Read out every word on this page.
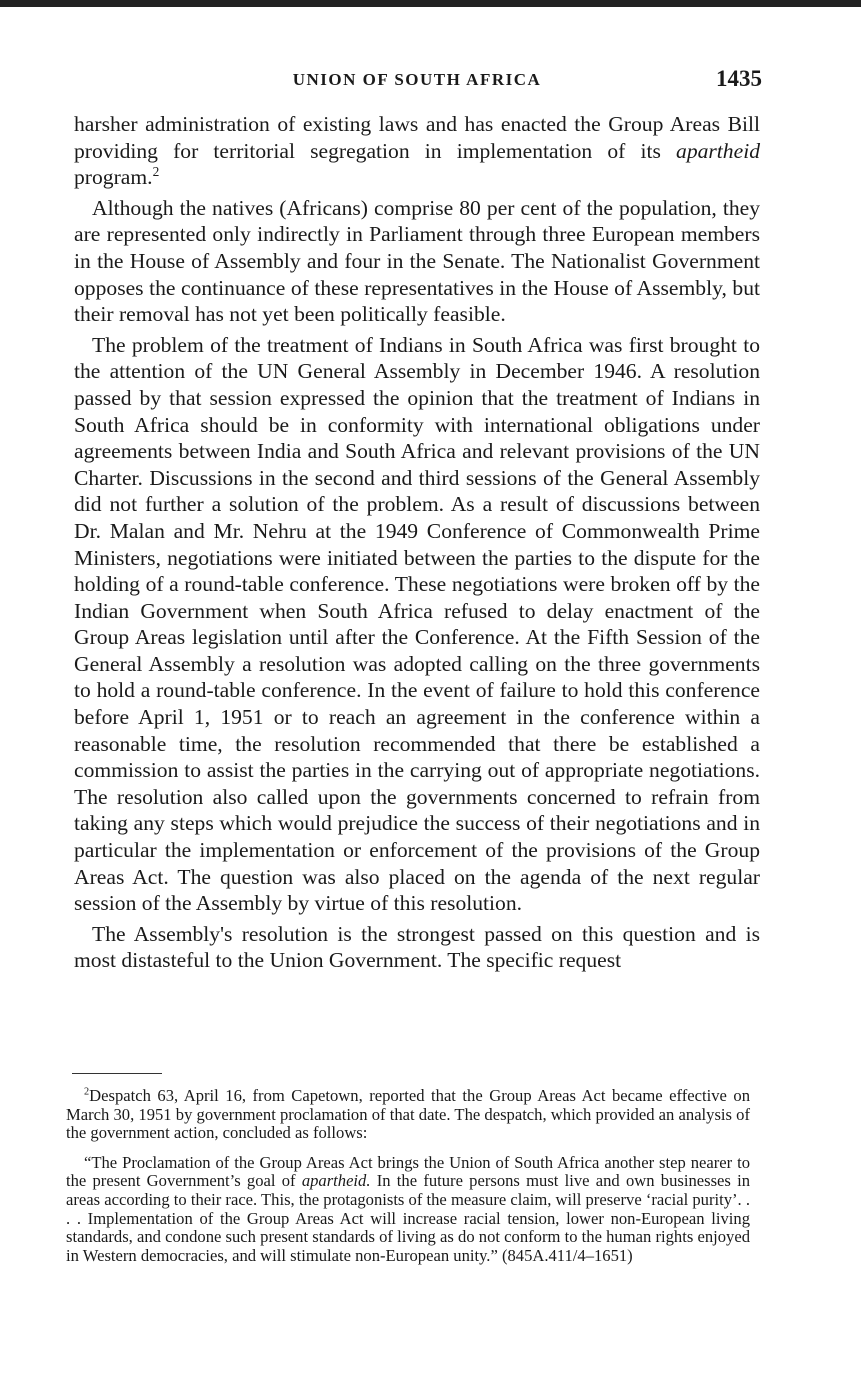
UNION OF SOUTH AFRICA	1435

harsher administration of existing laws and has enacted the Group Areas Bill providing for territorial segregation in implementation of its apartheid program.$^2$

Although the natives (Africans) comprise 80 per cent of the population, they are represented only indirectly in Parliament through three European members in the House of Assembly and four in the Senate. The Nationalist Government opposes the continuance of these representatives in the House of Assembly, but their removal has not yet been politically feasible.

The problem of the treatment of Indians in South Africa was first brought to the attention of the UN General Assembly in December 1946. A resolution passed by that session expressed the opinion that the treatment of Indians in South Africa should be in conformity with international obligations under agreements between India and South Africa and relevant provisions of the UN Charter. Discussions in the second and third sessions of the General Assembly did not further a solution of the problem. As a result of discussions between Dr. Malan and Mr. Nehru at the 1949 Conference of Commonwealth Prime Ministers, negotiations were initiated between the parties to the dispute for the holding of a round-table conference. These negotiations were broken off by the Indian Government when South Africa refused to delay enactment of the Group Areas legislation until after the Conference. At the Fifth Session of the General Assembly a resolution was adopted calling on the three governments to hold a round-table conference. In the event of failure to hold this conference before April 1, 1951 or to reach an agreement in the conference within a reasonable time, the resolution recommended that there be established a commission to assist the parties in the carrying out of appropriate negotiations. The resolution also called upon the governments concerned to refrain from taking any steps which would prejudice the success of their negotiations and in particular the implementation or enforcement of the provisions of the Group Areas Act. The question was also placed on the agenda of the next regular session of the Assembly by virtue of this resolution.

The Assembly's resolution is the strongest passed on this question and is most distasteful to the Union Government. The specific request

$^2$Despatch 63, April 16, from Capetown, reported that the Group Areas Act became effective on March 30, 1951 by government proclamation of that date. The despatch, which provided an analysis of the government action, concluded as follows:

“The Proclamation of the Group Areas Act brings the Union of South Africa another step nearer to the present Government’s goal of apartheid. In the future persons must live and own businesses in areas according to their race. This, the protagonists of the measure claim, will preserve ‘racial purity’. . . . Implementation of the Group Areas Act will increase racial tension, lower non-European living standards, and condone such present standards of living as do not conform to the human rights enjoyed in Western democracies, and will stimulate non-European unity.” (845A.411/4–1651)
